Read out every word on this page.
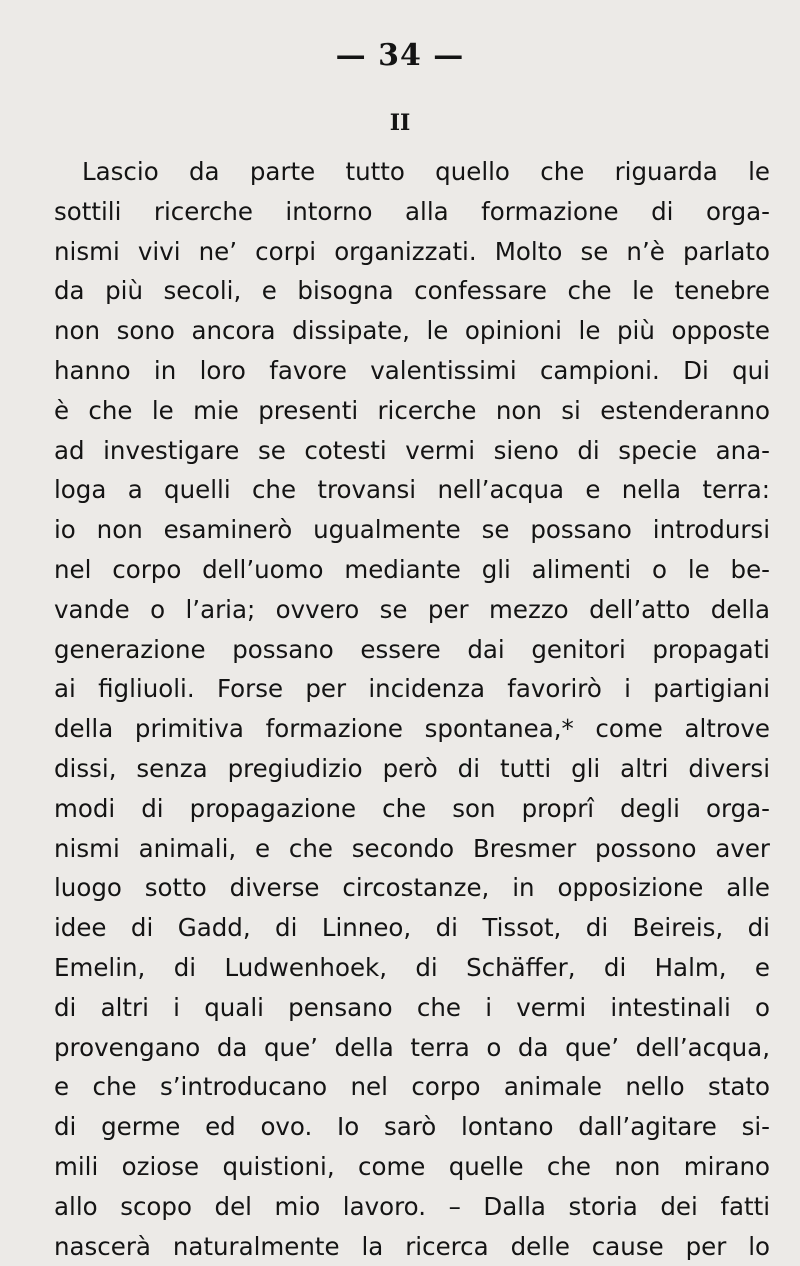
— 34 —
II
Lascio da parte tutto quello che riguarda le
sottili ricerche intorno alla formazione di orga-
nismi vivi ne’ corpi organizzati. Molto se n’è parlato
da più secoli, e bisogna confessare che le tenebre
non sono ancora dissipate, le opinioni le più opposte
hanno in loro favore valentissimi campioni. Di qui
è che le mie presenti ricerche non si estenderanno
ad investigare se cotesti vermi sieno di specie ana-
loga a quelli che trovansi nell’acqua e nella terra:
io non esaminerò ugualmente se possano introdursi
nel corpo dell’uomo mediante gli alimenti o le be-
vande o l’aria; ovvero se per mezzo dell’atto della
generazione possano essere dai genitori propagati
ai figliuoli. Forse per incidenza favorirò i partigiani
della primitiva formazione spontanea,* come altrove
dissi, senza pregiudizio però di tutti gli altri diversi
modi di propagazione che son proprî degli orga-
nismi animali, e che secondo Bresmer possono aver
luogo sotto diverse circostanze, in opposizione alle
idee di Gadd, di Linneo, di Tissot, di Beireis, di
Emelin, di Ludwenhoek, di Schäffer, di Halm, e
di altri i quali pensano che i vermi intestinali o
provengano da que’ della terra o da que’ dell’acqua,
e che s’introducano nel corpo animale nello stato
di germe ed ovo. Io sarò lontano dall’agitare si-
mili oziose quistioni, come quelle che non mirano
allo scopo del mio lavoro. – Dalla storia dei fatti
nascerà naturalmente la ricerca delle cause per lo
